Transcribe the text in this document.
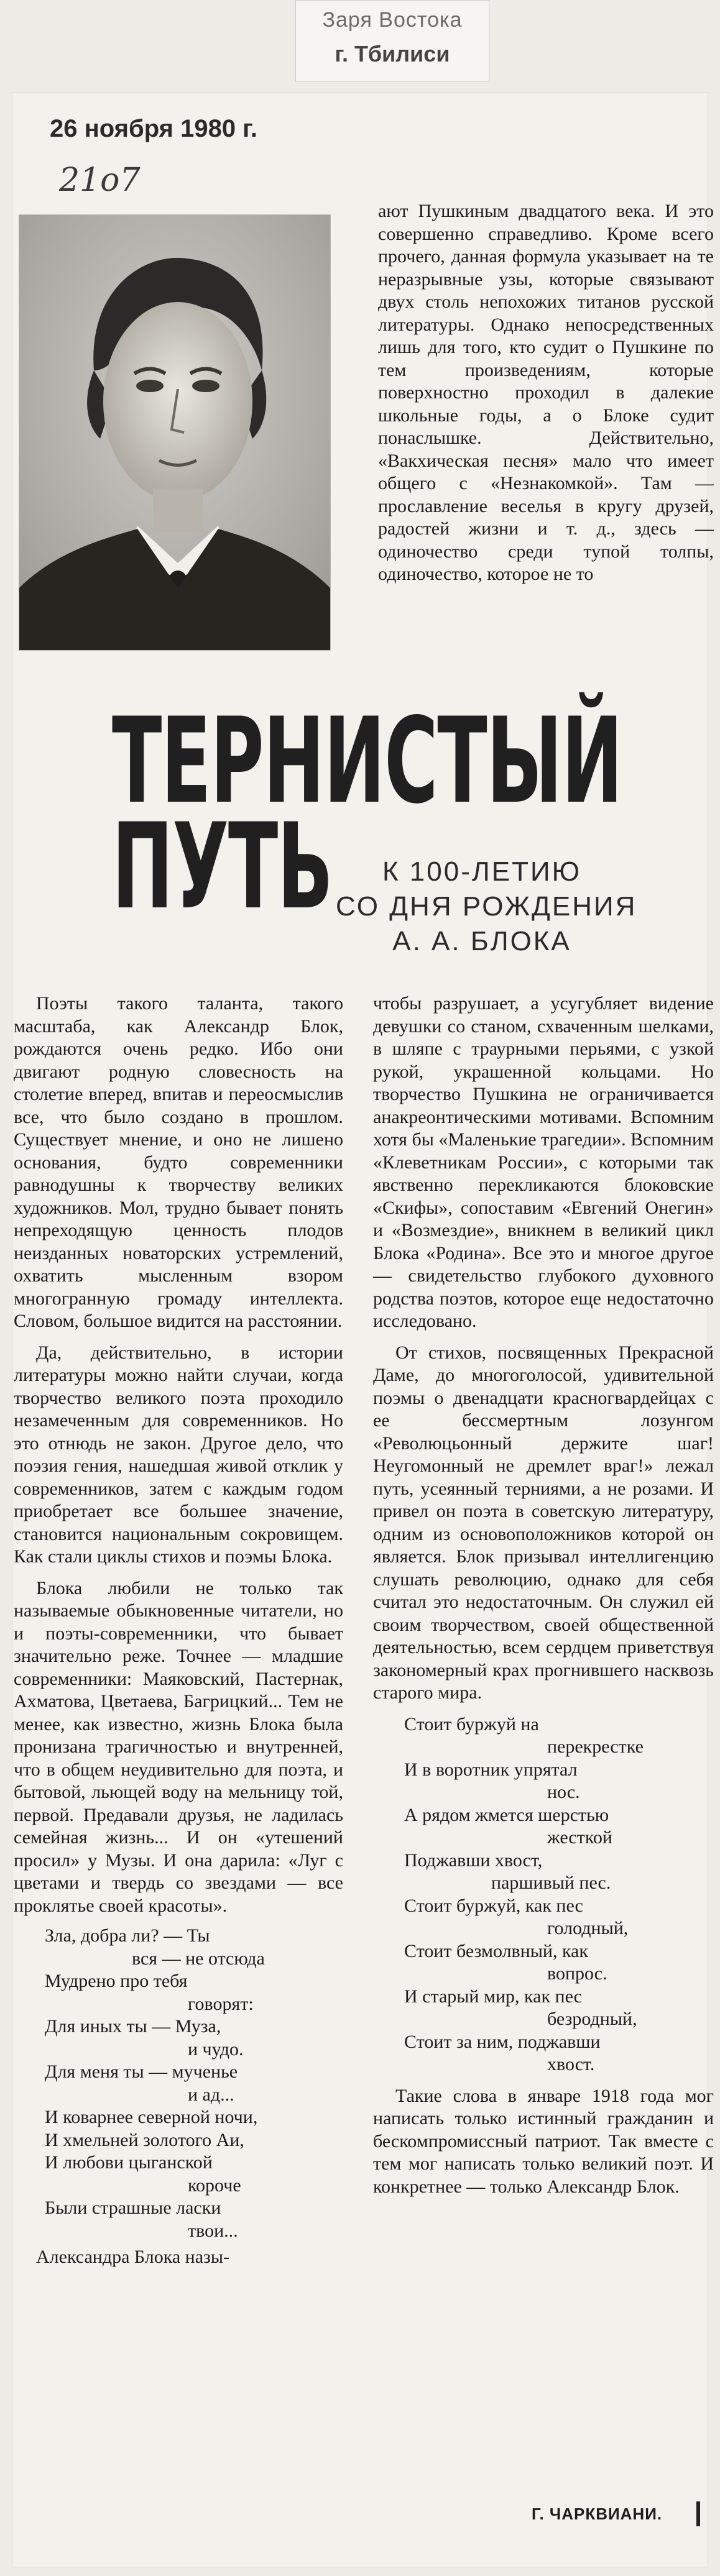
Заря Востока
г. Тбилиси
26 ноября 1980 г.
21о7

ают Пушкиным двадцатого века. И это совершенно справедливо. Кроме всего прочего, данная формула указывает на те неразрывные узы, которые связывают двух столь непохожих титанов русской литературы. Однако непосредственных лишь для того, кто судит о Пушкине по тем произведениям, которые поверхностно проходил в далекие школьные годы, а о Блоке судит понаслышке. Действительно, «Вакхическая песня» мало что имеет общего с «Незнакомкой». Там — прославление веселья в кругу друзей, радостей жизни и т. д., здесь — одиночество среди тупой толпы, одиночество, которое не то

ТЕРНИСТЫЙ
ПУТЬ	К 100-ЛЕТИЮ
СО ДНЯ РОЖДЕНИЯ
А. А. БЛОКА

Поэты такого таланта, такого масштаба, как Александр Блок, рождаются очень редко. Ибо они двигают родную словесность на столетие вперед, впитав и переосмыслив все, что было создано в прошлом. Существует мнение, и оно не лишено основания, будто современники равнодушны к творчеству великих художников. Мол, трудно бывает понять непреходящую ценность плодов неизданных новаторских устремлений, охватить мысленным взором многогранную громаду интеллекта. Словом, большое видится на расстоянии.

Да, действительно, в истории литературы можно найти случаи, когда творчество великого поэта проходило незамеченным для современников. Но это отнюдь не закон. Другое дело, что поэзия гения, нашедшая живой отклик у современников, затем с каждым годом приобретает все большее значение, становится национальным сокровищем. Как стали циклы стихов и поэмы Блока.

Блока любили не только так называемые обыкновенные читатели, но и поэты-современники, что бывает значительно реже. Точнее — младшие современники: Маяковский, Пастернак, Ахматова, Цветаева, Багрицкий... Тем не менее, как известно, жизнь Блока была пронизана трагичностью и внутренней, что в общем неудивительно для поэта, и бытовой, льющей воду на мельницу той, первой. Предавали друзья, не ладилась семейная жизнь... И он «утешений просил» у Музы. И она дарила: «Луг с цветами и твердь со звездами — все проклятье своей красоты».

Зла, добра ли? — Ты
вся — не отсюда
Мудрено про тебя
говорят:
Для иных ты — Муза,
и чудо.
Для меня ты — мученье
и ад...
И коварнее северной ночи,
И хмельней золотого Аи,
И любови цыганской
короче
Были страшные ласки
твои...

Александра Блока назы-

чтобы разрушает, а усугубляет видение девушки со станом, схваченным шелками, в шляпе с траурными перьями, с узкой рукой, украшенной кольцами. Но творчество Пушкина не ограничивается анакреонтическими мотивами. Вспомним хотя бы «Маленькие трагедии». Вспомним «Клеветникам России», с которыми так явственно перекликаются блоковские «Скифы», сопоставим «Евгений Онегин» и «Возмездие», вникнем в великий цикл Блока «Родина». Все это и многое другое — свидетельство глубокого духовного родства поэтов, которое еще недостаточно исследовано.

От стихов, посвященных Прекрасной Даме, до многоголосой, удивительной поэмы о двенадцати красногвардейцах с ее бессмертным лозунгом «Революцьонный держите шаг! Неугомонный не дремлет враг!» лежал путь, усеянный терниями, а не розами. И привел он поэта в советскую литературу, одним из основоположников которой он является. Блок призывал интеллигенцию слушать революцию, однако для себя считал это недостаточным. Он служил ей своим творчеством, своей общественной деятельностью, всем сердцем приветствуя закономерный крах прогнившего насквозь старого мира.

Стоит буржуй на
перекрестке
И в воротник упрятал
нос.
А рядом жмется шерстью
жесткой
Поджавши хвост,
паршивый пес.
Стоит буржуй, как пес
голодный,
Стоит безмолвный, как
вопрос.
И старый мир, как пес
безродный,
Стоит за ним, поджавши
хвост.

Такие слова в январе 1918 года мог написать только истинный гражданин и бескомпромиссный патриот. Так вместе с тем мог написать только великий поэт. И конкретнее — только Александр Блок.

Г. ЧАРКВИАНИ.
